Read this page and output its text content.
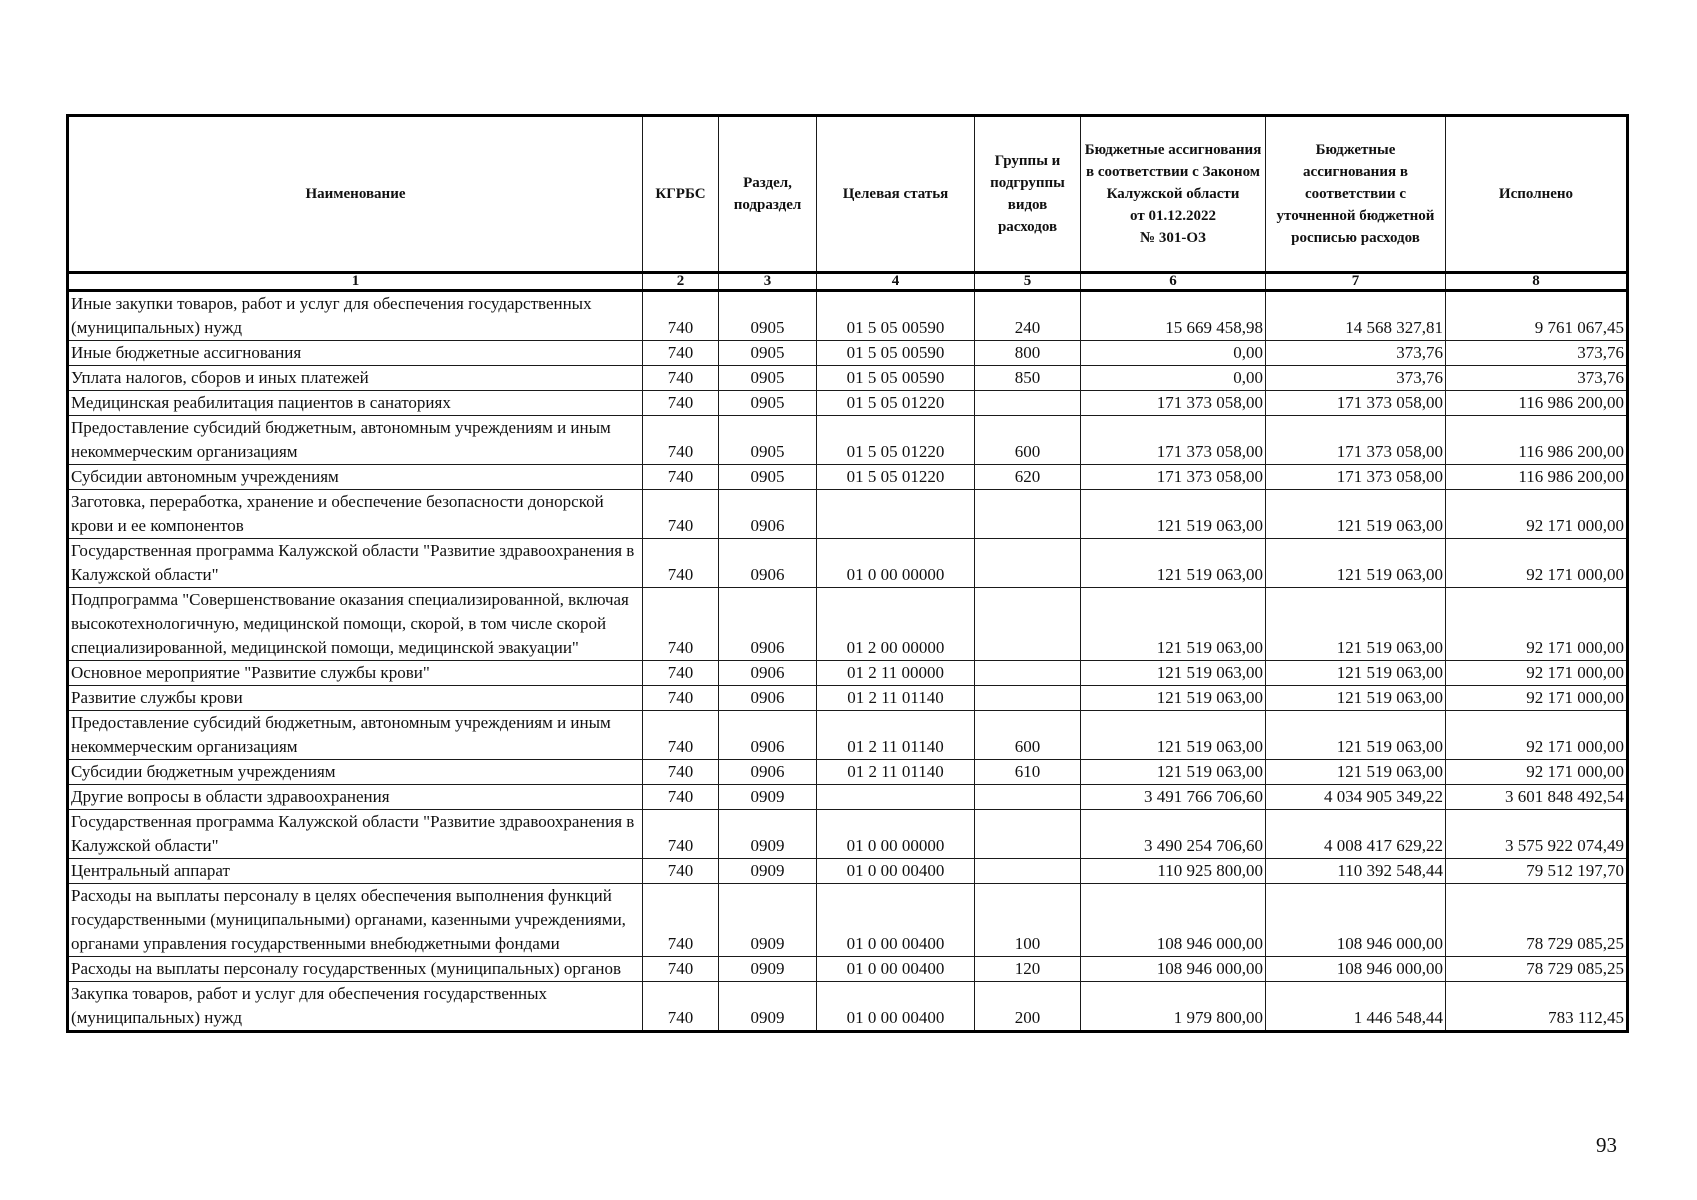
Наименование	КГРБС	Раздел, подраздел	Целевая статья	Группы и подгруппы видов расходов	Бюджетные ассигнования в соответствии с Законом Калужской области
от 01.12.2022
№ 301-ОЗ	Бюджетные ассигнования в соответствии с уточненной бюджетной росписью расходов	Исполнено
1	2	3	4	5	6	7	8
Иные закупки товаров, работ и услуг для обеспечения государственных (муниципальных) нужд	740	0905	01 5 05 00590	240	15 669 458,98	14 568 327,81	9 761 067,45
Иные бюджетные ассигнования	740	0905	01 5 05 00590	800	0,00	373,76	373,76
Уплата налогов, сборов и иных платежей	740	0905	01 5 05 00590	850	0,00	373,76	373,76
Медицинская реабилитация пациентов в санаториях	740	0905	01 5 05 01220		171 373 058,00	171 373 058,00	116 986 200,00
Предоставление субсидий бюджетным, автономным учреждениям и иным некоммерческим организациям	740	0905	01 5 05 01220	600	171 373 058,00	171 373 058,00	116 986 200,00
Субсидии автономным учреждениям	740	0905	01 5 05 01220	620	171 373 058,00	171 373 058,00	116 986 200,00
Заготовка, переработка, хранение и обеспечение безопасности донорской крови и ее компонентов	740	0906			121 519 063,00	121 519 063,00	92 171 000,00
Государственная программа Калужской области "Развитие здравоохранения в Калужской области"	740	0906	01 0 00 00000		121 519 063,00	121 519 063,00	92 171 000,00
Подпрограмма "Совершенствование оказания специализированной, включая высокотехнологичную, медицинской помощи, скорой, в том числе скорой специализированной, медицинской помощи, медицинской эвакуации"	740	0906	01 2 00 00000		121 519 063,00	121 519 063,00	92 171 000,00
Основное мероприятие "Развитие службы крови"	740	0906	01 2 11 00000		121 519 063,00	121 519 063,00	92 171 000,00
Развитие службы крови	740	0906	01 2 11 01140		121 519 063,00	121 519 063,00	92 171 000,00
Предоставление субсидий бюджетным, автономным учреждениям и иным некоммерческим организациям	740	0906	01 2 11 01140	600	121 519 063,00	121 519 063,00	92 171 000,00
Субсидии бюджетным учреждениям	740	0906	01 2 11 01140	610	121 519 063,00	121 519 063,00	92 171 000,00
Другие вопросы в области здравоохранения	740	0909			3 491 766 706,60	4 034 905 349,22	3 601 848 492,54
Государственная программа Калужской области "Развитие здравоохранения в Калужской области"	740	0909	01 0 00 00000		3 490 254 706,60	4 008 417 629,22	3 575 922 074,49
Центральный аппарат	740	0909	01 0 00 00400		110 925 800,00	110 392 548,44	79 512 197,70
Расходы на выплаты персоналу в целях обеспечения выполнения функций государственными (муниципальными) органами, казенными учреждениями, органами управления государственными внебюджетными фондами	740	0909	01 0 00 00400	100	108 946 000,00	108 946 000,00	78 729 085,25
Расходы на выплаты персоналу государственных (муниципальных) органов	740	0909	01 0 00 00400	120	108 946 000,00	108 946 000,00	78 729 085,25
Закупка товаров, работ и услуг для обеспечения государственных (муниципальных) нужд	740	0909	01 0 00 00400	200	1 979 800,00	1 446 548,44	783 112,45
93
